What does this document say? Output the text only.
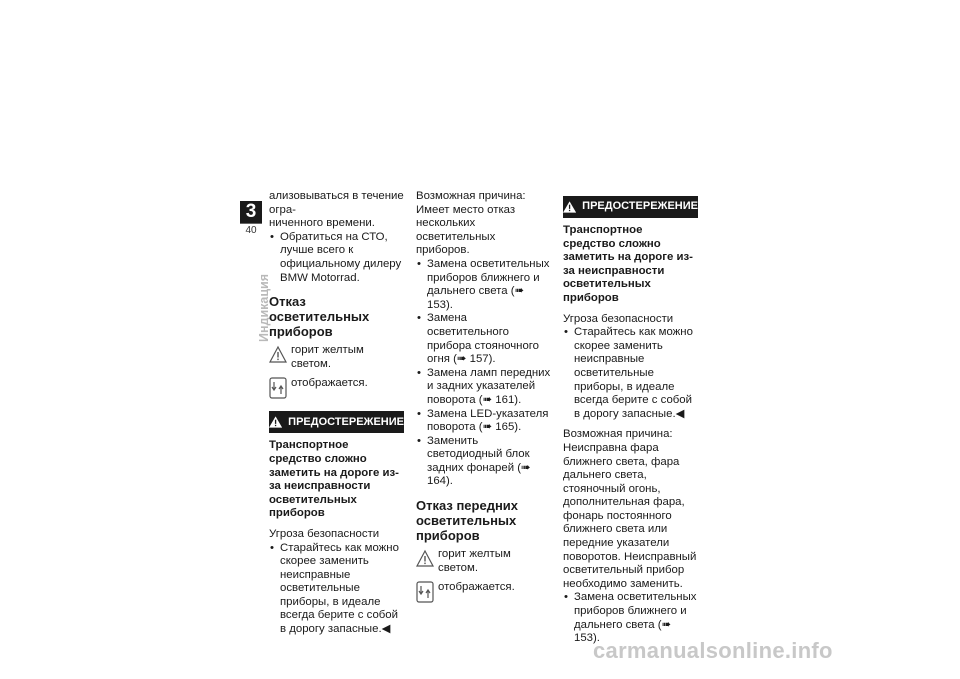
3
40
Индикация

ализовываться в течение огра-

ниченного времени.

• Обратиться на СТО, лучше всего к официальному дилеру BMW Motorrad.
Отказ осветительных приборов
горит желтым светом.
отображается.
ПРЕДОСТЕРЕЖЕНИЕ

Транспортное средство сложно заметить на дороге из-за неисправности осветительных приборов

Угроза безопасности

• Старайтесь как можно скорее заменить неисправные осветительные приборы, в идеале всегда берите с собой в дорогу запасные.◀

Возможная причина:

Имеет место отказ нескольких осветительных приборов.

• Замена осветительных приборов ближнего и дальнего света (➠ 153).
• Замена осветительного прибора стояночного огня (➠ 157).
• Замена ламп передних и задних указателей поворота (➠ 161).
• Замена LED-указателя поворота (➠ 165).
• Заменить светодиодный блок задних фонарей (➠ 164).
Отказ передних осветительных приборов
горит желтым светом.
отображается.
ПРЕДОСТЕРЕЖЕНИЕ

Транспортное средство сложно заметить на дороге из-за неисправности осветительных приборов

Угроза безопасности

• Старайтесь как можно скорее заменить неисправные осветительные приборы, в идеале всегда берите с собой в дорогу запасные.◀

Возможная причина:

Неисправна фара ближнего света, фара дальнего света, стояночный огонь, дополнительная фара, фонарь постоянного ближнего света или передние указатели поворотов. Неисправный осветительный прибор необходимо заменить.

• Замена осветительных приборов ближнего и дальнего света (➠ 153).
carmanualsonline.info
